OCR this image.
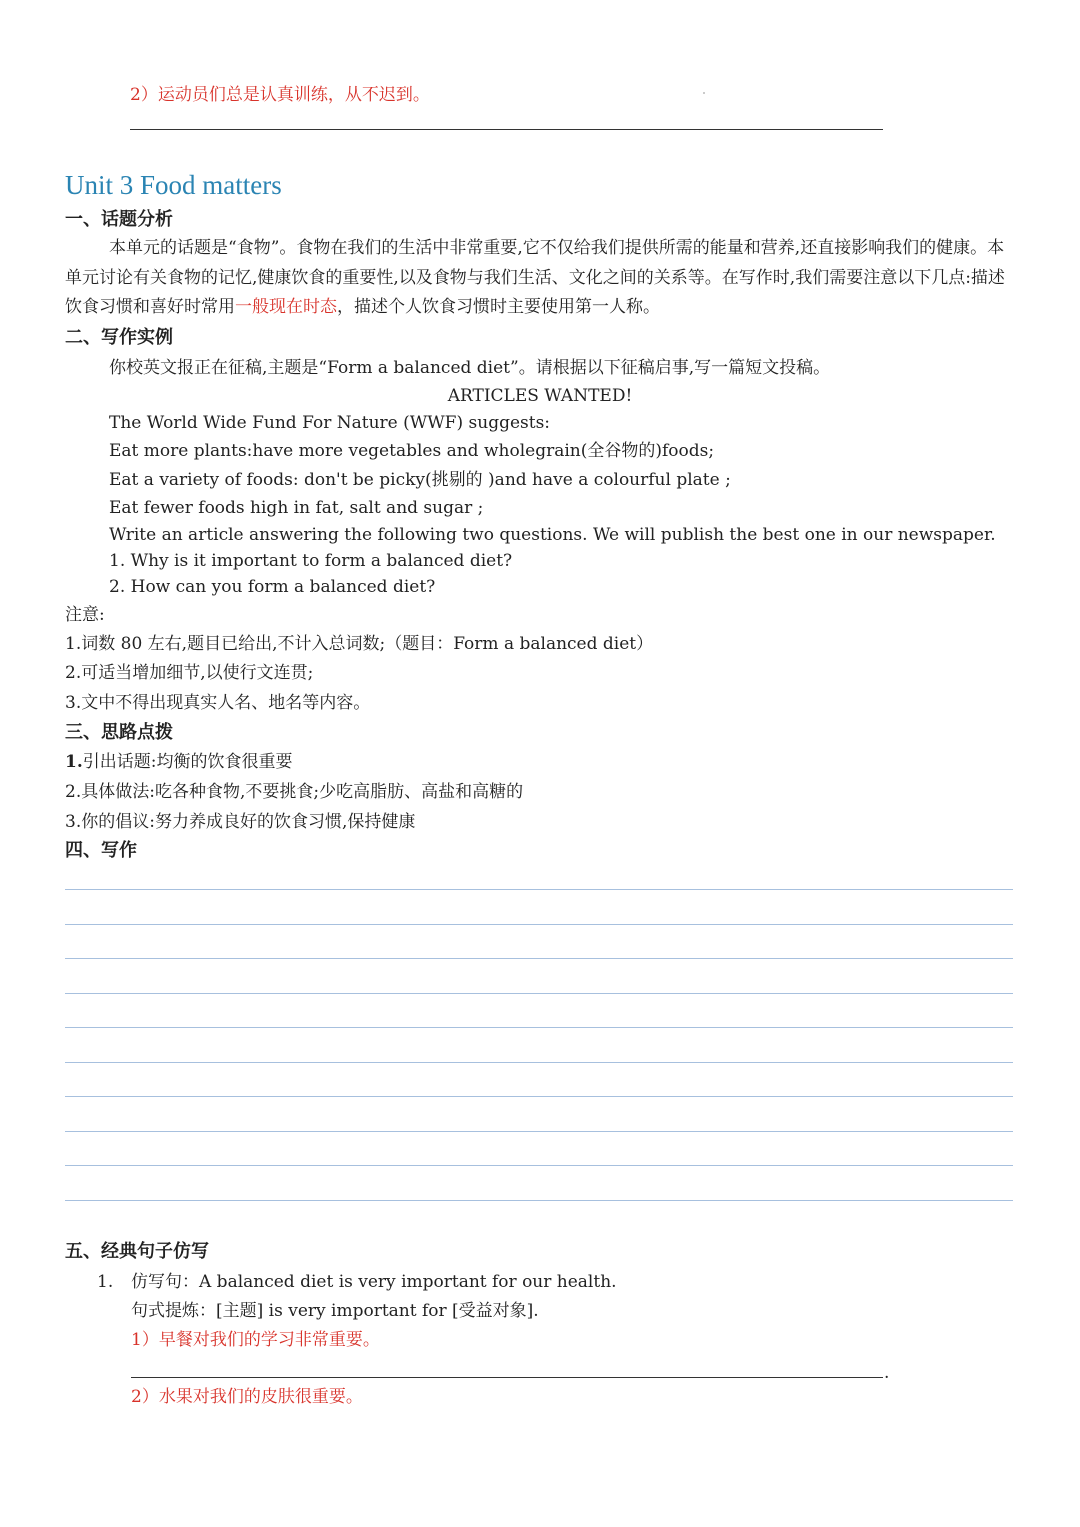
2）运动员们总是认真训练，从不迟到。
Unit 3 Food matters
一、话题分析
本单元的话题是“食物”。食物在我们的生活中非常重要,它不仅给我们提供所需的能量和营养,还直接影响我们的健康。本单元讨论有关食物的记忆,健康饮食的重要性,以及食物与我们生活、文化之间的关系等。在写作时,我们需要注意以下几点:描述饮食习惯和喜好时常用一般现在时态，描述个人饮食习惯时主要使用第一人称。
二、写作实例
你校英文报正在征稿,主题是“Form a balanced diet”。请根据以下征稿启事,写一篇短文投稿。
ARTICLES WANTED!
The World Wide Fund For Nature (WWF) suggests:
Eat more plants:have more vegetables and wholegrain(全谷物的)foods;
Eat a variety of foods: don't be picky(挑剔的 )and have a colourful plate ;
Eat fewer foods high in fat, salt and sugar ;
Write an article answering the following two questions. We will publish the best one in our newspaper.
1. Why is it important to form a balanced diet?
2. How can you form a balanced diet?
注意:
1.词数 80 左右,题目已给出,不计入总词数;（题目：Form a balanced diet）
2.可适当增加细节,以使行文连贯;
3.文中不得出现真实人名、地名等内容。
三、思路点拨
1.引出话题:均衡的饮食很重要
2.具体做法:吃各种食物,不要挑食;少吃高脂肪、高盐和高糖的
3.你的倡议:努力养成良好的饮食习惯,保持健康
四、写作
五、经典句子仿写
1. 仿写句：A balanced diet is very important for our health.
句式提炼：[主题] is very important for [受益对象].
1）早餐对我们的学习非常重要。
.
2）水果对我们的皮肤很重要。
